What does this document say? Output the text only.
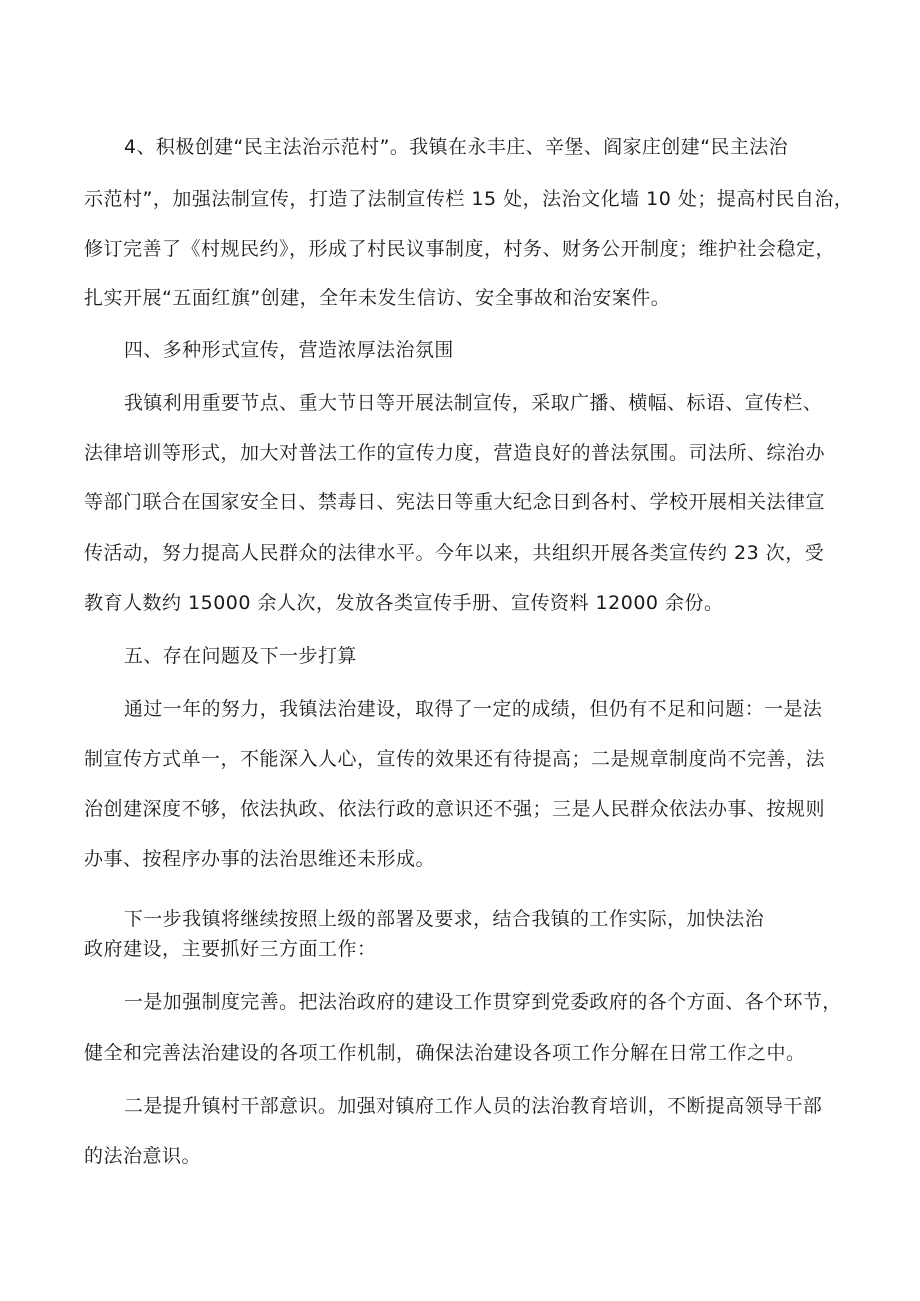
4、积极创建“民主法治示范村”。我镇在永丰庄、辛堡、阎家庄创建“民主法治
示范村”，加强法制宣传，打造了法制宣传栏 15 处，法治文化墙 10 处；提高村民自治，
修订完善了《村规民约》，形成了村民议事制度，村务、财务公开制度；维护社会稳定，
扎实开展“五面红旗”创建，全年未发生信访、安全事故和治安案件。
四、多种形式宣传，营造浓厚法治氛围
我镇利用重要节点、重大节日等开展法制宣传，采取广播、横幅、标语、宣传栏、
法律培训等形式，加大对普法工作的宣传力度，营造良好的普法氛围。司法所、综治办
等部门联合在国家安全日、禁毒日、宪法日等重大纪念日到各村、学校开展相关法律宣
传活动，努力提高人民群众的法律水平。今年以来，共组织开展各类宣传约 23 次，受
教育人数约 15000 余人次，发放各类宣传手册、宣传资料 12000 余份。
五、存在问题及下一步打算
通过一年的努力，我镇法治建设，取得了一定的成绩，但仍有不足和问题：一是法
制宣传方式单一，不能深入人心，宣传的效果还有待提高；二是规章制度尚不完善，法
治创建深度不够，依法执政、依法行政的意识还不强；三是人民群众依法办事、按规则
办事、按程序办事的法治思维还未形成。
下一步我镇将继续按照上级的部署及要求，结合我镇的工作实际，加快法治
政府建设，主要抓好三方面工作：
一是加强制度完善。把法治政府的建设工作贯穿到党委政府的各个方面、各个环节，
健全和完善法治建设的各项工作机制，确保法治建设各项工作分解在日常工作之中。
二是提升镇村干部意识。加强对镇府工作人员的法治教育培训，不断提高领导干部
的法治意识。
